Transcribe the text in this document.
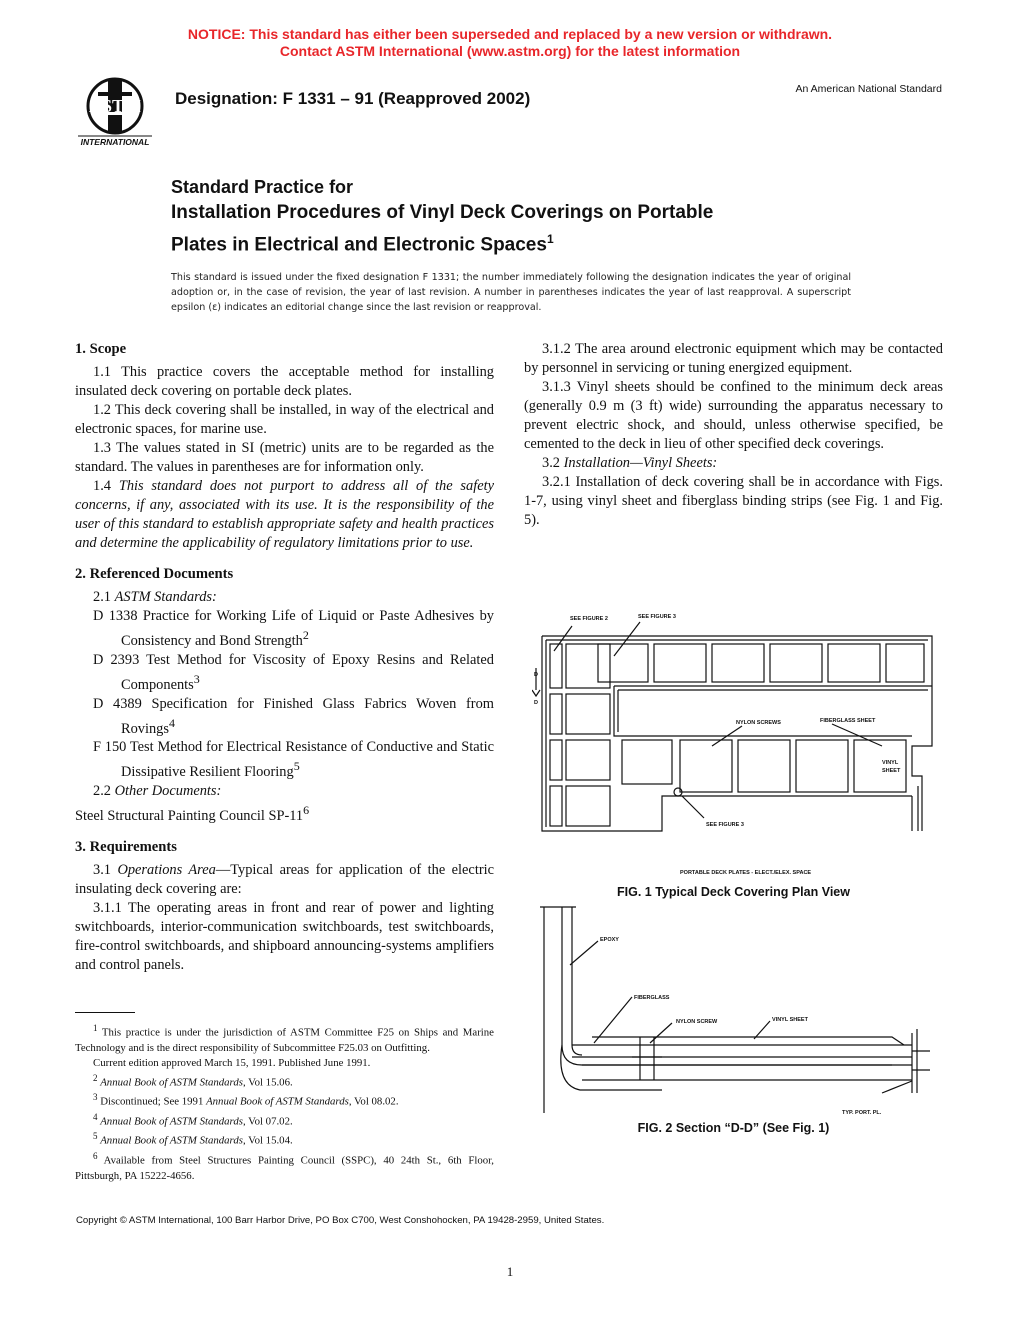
NOTICE: This standard has either been superseded and replaced by a new version or withdrawn.
Contact ASTM International (www.astm.org) for the latest information
ASTM
INTERNATIONAL
Designation: F 1331 – 91 (Reapproved 2002)	An American National Standard
Standard Practice for
Installation Procedures of Vinyl Deck Coverings on Portable
Plates in Electrical and Electronic Spaces$^1$
This standard is issued under the fixed designation F 1331; the number immediately following the designation indicates the year of original adoption or, in the case of revision, the year of last revision. A number in parentheses indicates the year of last reapproval. A superscript epsilon (ε) indicates an editorial change since the last revision or reapproval.

1. Scope

1.1 This practice covers the acceptable method for installing insulated deck covering on portable deck plates.

1.2 This deck covering shall be installed, in way of the electrical and electronic spaces, for marine use.

1.3 The values stated in SI (metric) units are to be regarded as the standard. The values in parentheses are for information only.

1.4 This standard does not purport to address all of the safety concerns, if any, associated with its use. It is the responsibility of the user of this standard to establish appropriate safety and health practices and determine the applicability of regulatory limitations prior to use.

2. Referenced Documents

2.1 ASTM Standards:

D 1338 Practice for Working Life of Liquid or Paste Adhesives by Consistency and Bond Strength$^2$

D 2393 Test Method for Viscosity of Epoxy Resins and Related Components$^3$

D 4389 Specification for Finished Glass Fabrics Woven from Rovings$^4$

F 150 Test Method for Electrical Resistance of Conductive and Static Dissipative Resilient Flooring$^5$

2.2 Other Documents:

Steel Structural Painting Council $SP-11^6$

3. Requirements

3.1 Operations Area—Typical areas for application of the electric insulating deck covering are:

3.1.1 The operating areas in front and rear of power and lighting switchboards, interior-communication switchboards, test switchboards, fire-control switchboards, and shipboard announcing-systems amplifiers and control panels.

$^1$ This practice is under the jurisdiction of ASTM Committee F25 on Ships and Marine Technology and is the direct responsibility of Subcommittee F25.03 on Outfitting.

Current edition approved March 15, 1991. Published June 1991.

$^2$ Annual Book of ASTM Standards, Vol 15.06.

$^3$ Discontinued; See 1991 Annual Book of ASTM Standards, Vol 08.02.

$^4$ Annual Book of ASTM Standards, Vol 07.02.

$^5$ Annual Book of ASTM Standards, Vol 15.04.

$^6$ Available from Steel Structures Painting Council (SSPC), 40 24th St., 6th Floor, Pittsburgh, PA 15222-4656.

3.1.2 The area around electronic equipment which may be contacted by personnel in servicing or tuning energized equipment.

3.1.3 Vinyl sheets should be confined to the minimum deck areas (generally 0.9 m (3 ft) wide) surrounding the apparatus necessary to prevent electric shock, and should, unless otherwise specified, be cemented to the deck in lieu of other specified deck coverings.

3.2 Installation—Vinyl Sheets:

3.2.1 Installation of deck covering shall be in accordance with Figs. 1-7, using vinyl sheet and fiberglass binding strips (see Fig. 1 and Fig. 5).

SEE FIGURE 2	SEE FIGURE 3
D
D
NYLON SCREWS	FIBERGLASS SHEET
VINYL
SHEET
SEE FIGURE 3
PORTABLE DECK PLATES - ELECT./ELEX. SPACE
FIG. 1 Typical Deck Covering Plan View
EPOXY
FIBERGLASS
NYLON SCREW	VINYL SHEET
TYP. PORT. PL.
FIG. 2 Section “D-D” (See Fig. 1)
Copyright © ASTM International, 100 Barr Harbor Drive, PO Box C700, West Conshohocken, PA 19428-2959, United States.
1
